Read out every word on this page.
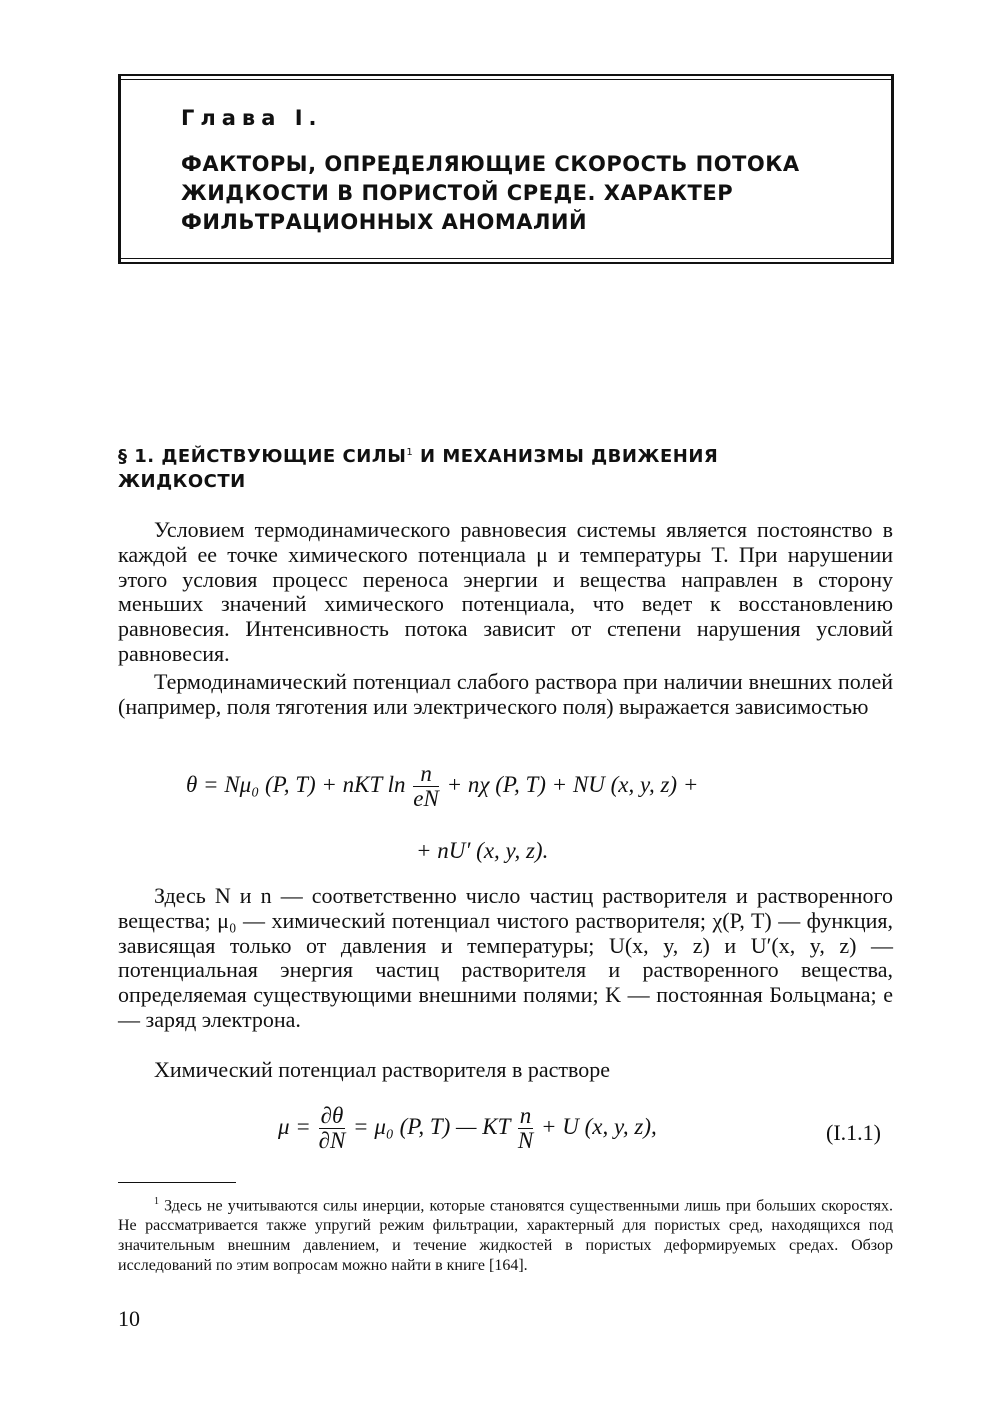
Глава I.
ФАКТОРЫ, ОПРЕДЕЛЯЮЩИЕ СКОРОСТЬ ПОТОКА ЖИДКОСТИ В ПОРИСТОЙ СРЕДЕ. ХАРАКТЕР ФИЛЬТРАЦИОННЫХ АНОМАЛИЙ
§ 1. ДЕЙСТВУЮЩИЕ СИЛЫ$^1$ И МЕХАНИЗМЫ ДВИЖЕНИЯ ЖИДКОСТИ

Условием термодинамического равновесия системы является постоянство в каждой ее точке химического потенциала μ и температуры T. При нарушении этого условия процесс переноса энергии и вещества направлен в сторону меньших значений химического потенциала, что ведет к восстановлению равновесия. Интенсивность потока зависит от степени нарушения условий равновесия.

Термодинамический потенциал слабого раствора при наличии внешних полей (например, поля тяготения или электрического поля) выражается зависимостью

θ = Nμ₀ (P, T) + nKT $\ln \frac{n}{eN} + n\chi$ (P, T) + NU (x, y, z) +
+ nU′ (x, y, z).

Здесь N и n — соответственно число частиц растворителя и растворенного вещества; μ₀ — химический потенциал чистого растворителя; χ(P, T) — функция, зависящая только от давления и температуры; U(x, y, z) и U′(x, y, z) — потенциальная энергия частиц растворителя и растворенного вещества, определяемая существующими внешними полями; K — постоянная Больцмана; e — заряд электрона.

Химический потенциал растворителя в растворе

$\mu = \frac{\partial\theta}{\partial N} = \mu_0$ (P, T) — KT $\frac{n}{N} + U$ (x, y, z),	(I.1.1)

$^1$ Здесь не учитываются силы инерции, которые становятся существенными лишь при больших скоростях. Не рассматривается также упругий режим фильтрации, характерный для пористых сред, находящихся под значительным внешним давлением, и течение жидкостей в пористых деформируемых средах. Обзор исследований по этим вопросам можно найти в книге [164].

10
